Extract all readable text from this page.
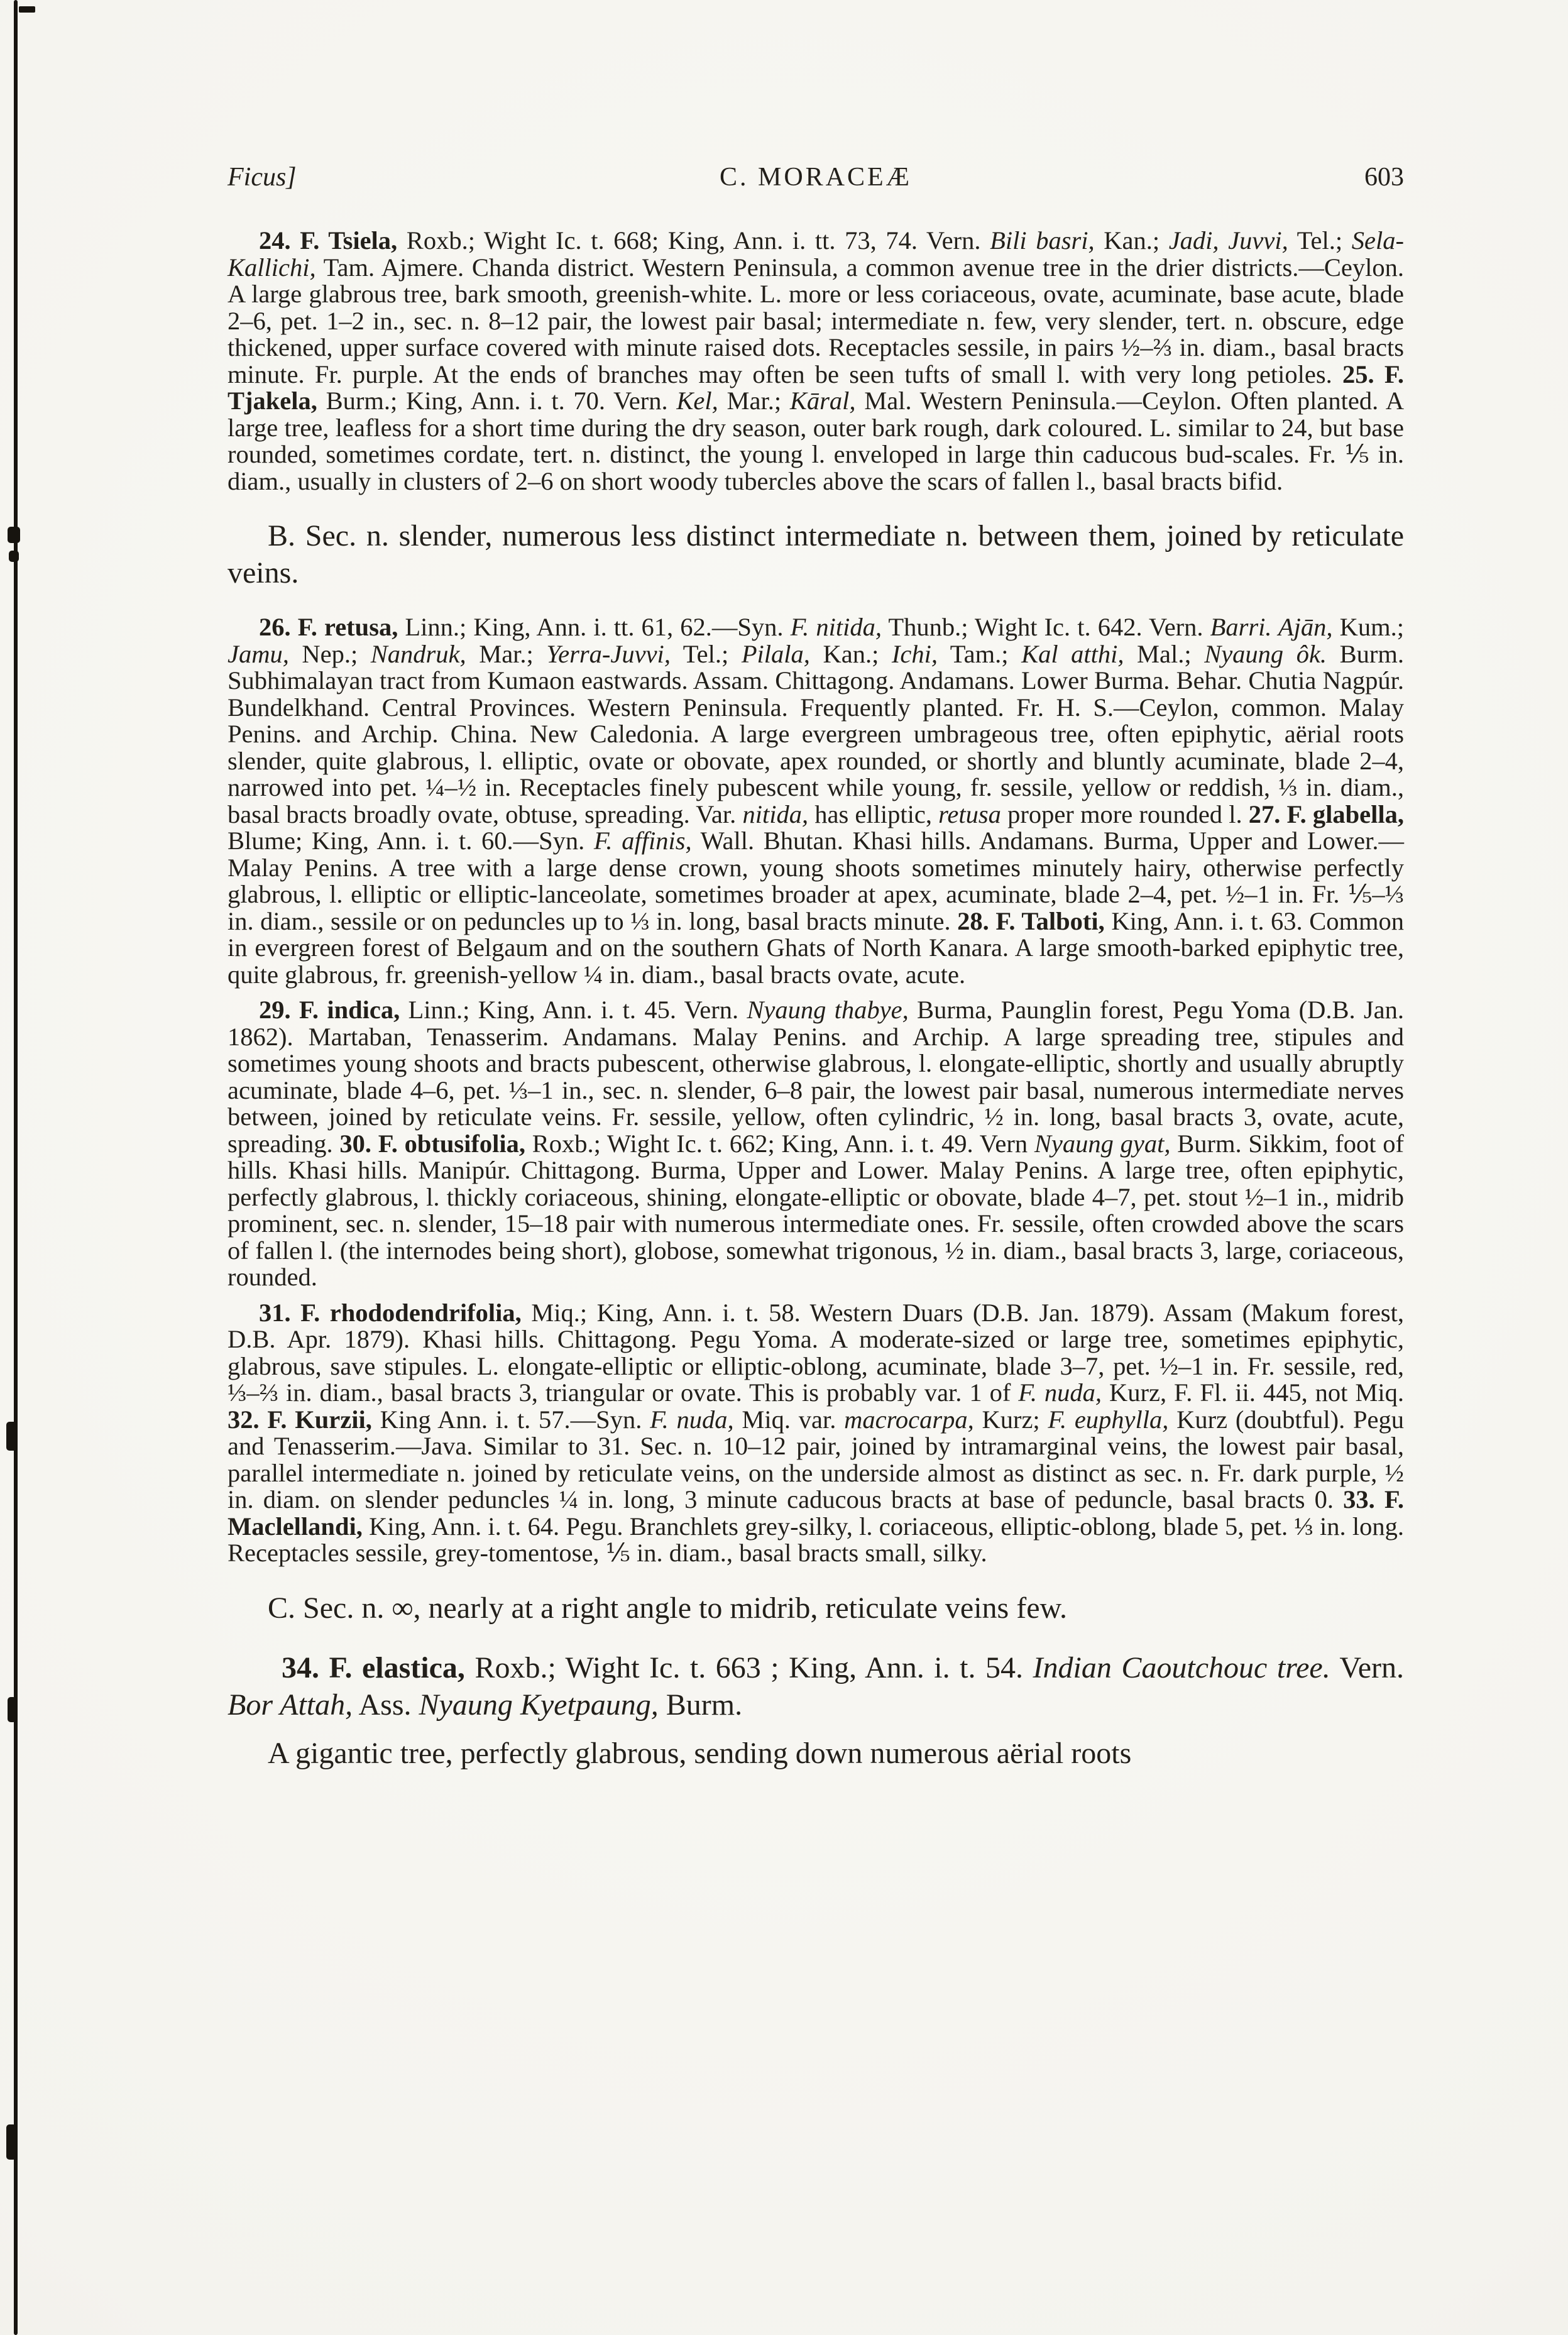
Ficus]	C. MORACEÆ	603

24. F. Tsiela, Roxb.; Wight Ic. t. 668; King, Ann. i. tt. 73, 74. Vern. Bili basri, Kan.; Jadi, Juvvi, Tel.; Sela-Kallichi, Tam. Ajmere. Chanda district. Western Peninsula, a common avenue tree in the drier districts.—Ceylon. A large glabrous tree, bark smooth, greenish-white. L. more or less coriaceous, ovate, acuminate, base acute, blade 2–6, pet. 1–2 in., sec. n. 8–12 pair, the lowest pair basal; intermediate n. few, very slender, tert. n. obscure, edge thickened, upper surface covered with minute raised dots. Receptacles sessile, in pairs ½–⅔ in. diam., basal bracts minute. Fr. purple. At the ends of branches may often be seen tufts of small l. with very long petioles. 25. F. Tjakela, Burm.; King, Ann. i. t. 70. Vern. Kel, Mar.; Kāral, Mal. Western Peninsula.—Ceylon. Often planted. A large tree, leafless for a short time during the dry season, outer bark rough, dark coloured. L. similar to 24, but base rounded, sometimes cordate, tert. n. distinct, the young l. enveloped in large thin caducous bud-scales. Fr. ⅕ in. diam., usually in clusters of 2–6 on short woody tubercles above the scars of fallen l., basal bracts bifid.

B. Sec. n. slender, numerous less distinct intermediate n. between them, joined by reticulate veins.

26. F. retusa, Linn.; King, Ann. i. tt. 61, 62.—Syn. F. nitida, Thunb.; Wight Ic. t. 642. Vern. Barri. Ajān, Kum.; Jamu, Nep.; Nandruk, Mar.; Yerra-Juvvi, Tel.; Pilala, Kan.; Ichi, Tam.; Kal atthi, Mal.; Nyaung ôk. Burm. Subhimalayan tract from Kumaon eastwards. Assam. Chittagong. Andamans. Lower Burma. Behar. Chutia Nagpúr. Bundelkhand. Central Provinces. Western Peninsula. Frequently planted. Fr. H. S.—Ceylon, common. Malay Penins. and Archip. China. New Caledonia. A large evergreen umbrageous tree, often epiphytic, aërial roots slender, quite glabrous, l. elliptic, ovate or obovate, apex rounded, or shortly and bluntly acuminate, blade 2–4, narrowed into pet. ¼–½ in. Receptacles finely pubescent while young, fr. sessile, yellow or reddish, ⅓ in. diam., basal bracts broadly ovate, obtuse, spreading. Var. nitida, has elliptic, retusa proper more rounded l. 27. F. glabella, Blume; King, Ann. i. t. 60.—Syn. F. affinis, Wall. Bhutan. Khasi hills. Andamans. Burma, Upper and Lower.—Malay Penins. A tree with a large dense crown, young shoots sometimes minutely hairy, otherwise perfectly glabrous, l. elliptic or elliptic-lanceolate, sometimes broader at apex, acuminate, blade 2–4, pet. ½–1 in. Fr. ⅕–⅓ in. diam., sessile or on peduncles up to ⅓ in. long, basal bracts minute. 28. F. Talboti, King, Ann. i. t. 63. Common in evergreen forest of Belgaum and on the southern Ghats of North Kanara. A large smooth-barked epiphytic tree, quite glabrous, fr. greenish-yellow ¼ in. diam., basal bracts ovate, acute.

29. F. indica, Linn.; King, Ann. i. t. 45. Vern. Nyaung thabye, Burma, Paunglin forest, Pegu Yoma (D.B. Jan. 1862). Martaban, Tenasserim. Andamans. Malay Penins. and Archip. A large spreading tree, stipules and sometimes young shoots and bracts pubescent, otherwise glabrous, l. elongate-elliptic, shortly and usually abruptly acuminate, blade 4–6, pet. ⅓–1 in., sec. n. slender, 6–8 pair, the lowest pair basal, numerous intermediate nerves between, joined by reticulate veins. Fr. sessile, yellow, often cylindric, ½ in. long, basal bracts 3, ovate, acute, spreading. 30. F. obtusifolia, Roxb.; Wight Ic. t. 662; King, Ann. i. t. 49. Vern Nyaung gyat, Burm. Sikkim, foot of hills. Khasi hills. Manipúr. Chittagong. Burma, Upper and Lower. Malay Penins. A large tree, often epiphytic, perfectly glabrous, l. thickly coriaceous, shining, elongate-elliptic or obovate, blade 4–7, pet. stout ½–1 in., midrib prominent, sec. n. slender, 15–18 pair with numerous intermediate ones. Fr. sessile, often crowded above the scars of fallen l. (the internodes being short), globose, somewhat trigonous, ½ in. diam., basal bracts 3, large, coriaceous, rounded.

31. F. rhododendrifolia, Miq.; King, Ann. i. t. 58. Western Duars (D.B. Jan. 1879). Assam (Makum forest, D.B. Apr. 1879). Khasi hills. Chittagong. Pegu Yoma. A moderate-sized or large tree, sometimes epiphytic, glabrous, save stipules. L. elongate-elliptic or elliptic-oblong, acuminate, blade 3–7, pet. ½–1 in. Fr. sessile, red, ⅓–⅔ in. diam., basal bracts 3, triangular or ovate. This is probably var. 1 of F. nuda, Kurz, F. Fl. ii. 445, not Miq. 32. F. Kurzii, King Ann. i. t. 57.—Syn. F. nuda, Miq. var. macrocarpa, Kurz; F. euphylla, Kurz (doubtful). Pegu and Tenasserim.—Java. Similar to 31. Sec. n. 10–12 pair, joined by intramarginal veins, the lowest pair basal, parallel intermediate n. joined by reticulate veins, on the underside almost as distinct as sec. n. Fr. dark purple, ½ in. diam. on slender peduncles ¼ in. long, 3 minute caducous bracts at base of peduncle, basal bracts 0. 33. F. Maclellandi, King, Ann. i. t. 64. Pegu. Branchlets grey-silky, l. coriaceous, elliptic-oblong, blade 5, pet. ⅓ in. long. Receptacles sessile, grey-tomentose, ⅕ in. diam., basal bracts small, silky.

C. Sec. n. ∞, nearly at a right angle to midrib, reticulate veins few.

34. F. elastica, Roxb.; Wight Ic. t. 663 ; King, Ann. i. t. 54. Indian Caoutchouc tree. Vern. Bor Attah, Ass. Nyaung Kyetpaung, Burm.

A gigantic tree, perfectly glabrous, sending down numerous aërial roots
